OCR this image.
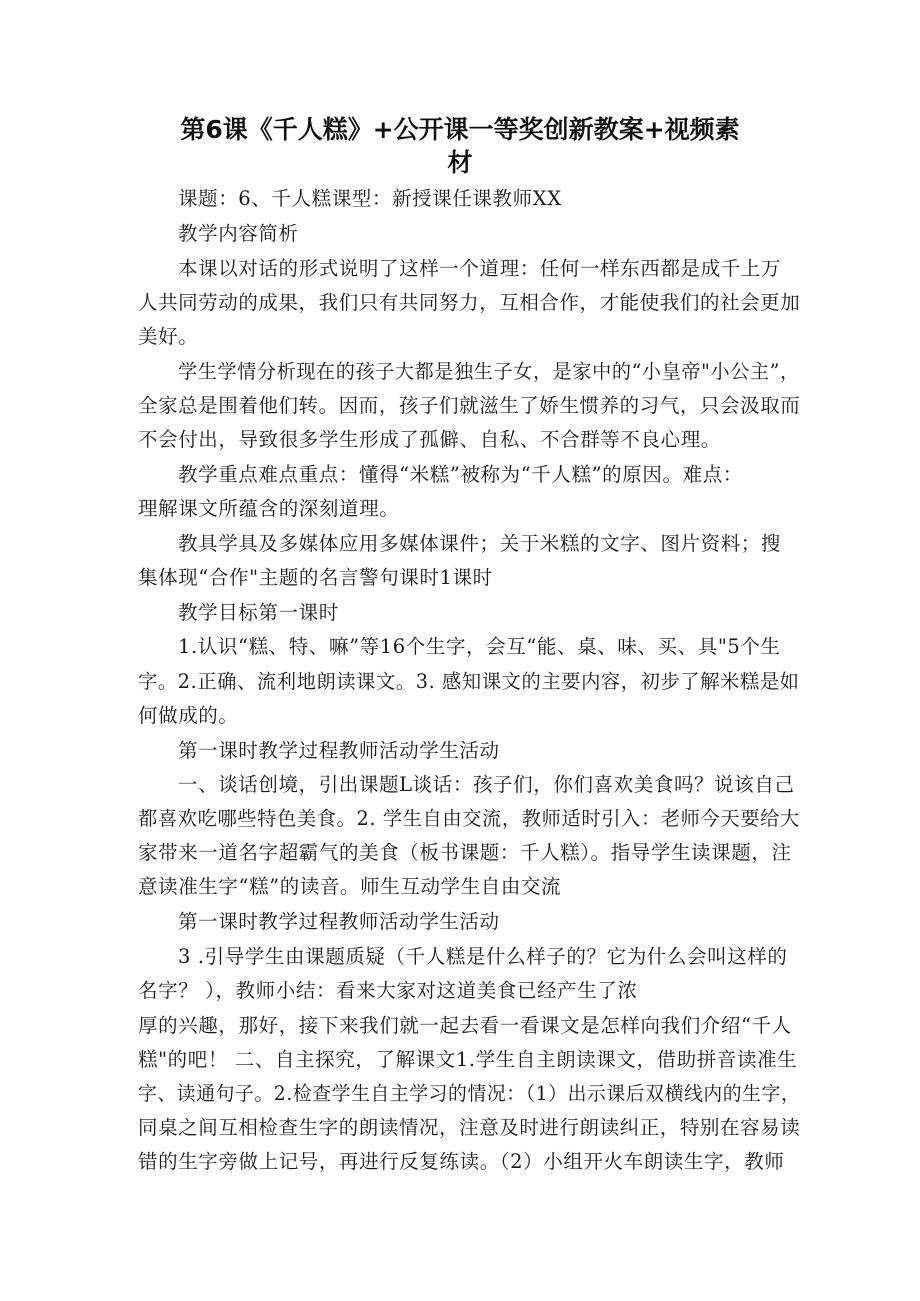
第6课《千人糕》+公开课一等奖创新教案+视频素
材
课题：6、千人糕课型：新授课任课教师XX
教学内容简析
本课以对话的形式说明了这样一个道理：任何一样东西都是成千上万
人共同劳动的成果，我们只有共同努力，互相合作，才能使我们的社会更加
美好。
学生学情分析现在的孩子大都是独生子女，是家中的“小皇帝"小公主”，
全家总是围着他们转。因而，孩子们就滋生了娇生惯养的习气，只会汲取而
不会付出，导致很多学生形成了孤僻、自私、不合群等不良心理。
教学重点难点重点：懂得“米糕”被称为“千人糕”的原因。难点：
理解课文所蕴含的深刻道理。
教具学具及多媒体应用多媒体课件；关于米糕的文字、图片资料；搜
集体现“合作"主题的名言警句课时1课时
教学目标第一课时
1.认识“糕、特、嘛”等16个生字，会互“能、桌、味、买、具"5个生
字。2.正确、流利地朗读课文。3. 感知课文的主要内容，初步了解米糕是如
何做成的。
第一课时教学过程教师活动学生活动
一、谈话创境，引出课题L谈话：孩子们，你们喜欢美食吗？说该自己
都喜欢吃哪些特色美食。2. 学生自由交流，教师适时引入：老师今天要给大
家带来一道名字超霸气的美食（板书课题：千人糕）。指导学生读课题，注
意读准生字“糕”的读音。师生互动学生自由交流
第一课时教学过程教师活动学生活动
3 .引导学生由课题质疑（千人糕是什么样子的？它为什么会叫这样的
名字？ ），教师小结：看来大家对这道美食已经产生了浓
厚的兴趣，那好，接下来我们就一起去看一看课文是怎样向我们介绍“千人
糕"的吧！ 二、自主探究，了解课文1.学生自主朗读课文，借助拼音读准生
字、读通句子。2.检查学生自主学习的情况：（1）出示课后双横线内的生字，
同桌之间互相检查生字的朗读情况，注意及时进行朗读纠正，特别在容易读
错的生字旁做上记号，再进行反复练读。（2）小组开火车朗读生字，教师
